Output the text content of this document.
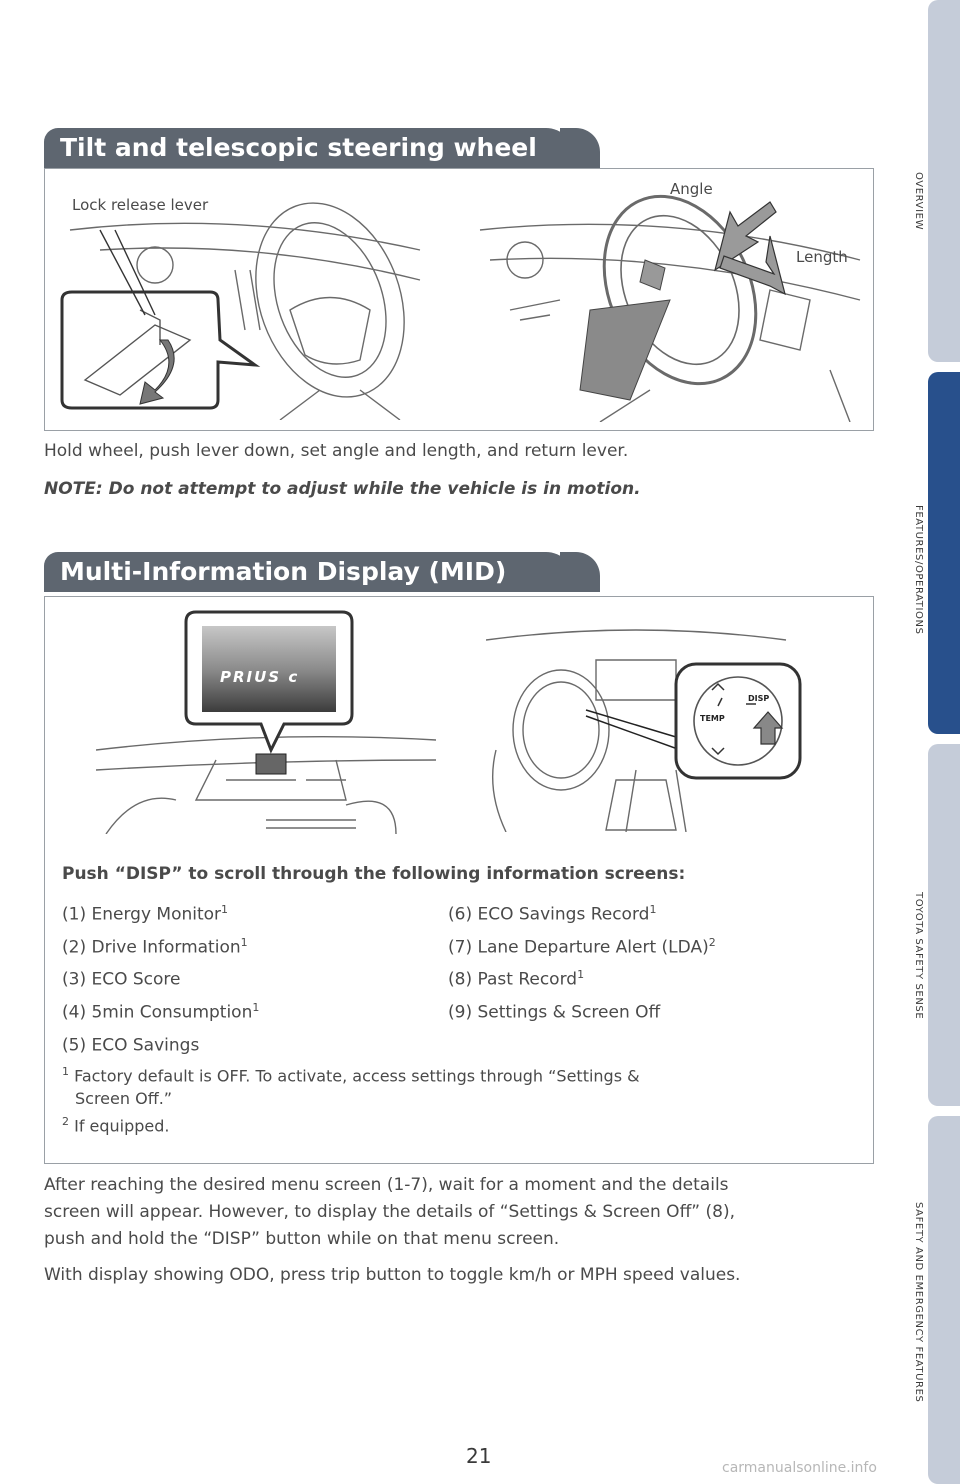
Tilt and telescopic steering wheel
Lock release lever
Angle
Length
Hold wheel, push lever down, set angle and length, and return lever.
NOTE: Do not attempt to adjust while the vehicle is in motion.
Multi-Information Display (MID)
PRIUS c
DISP
TEMP
Push “DISP” to scroll through the following information screens:
(1) Energy Monitor$^1$
(2) Drive Information$^1$
(3) ECO Score
(4) 5min Consumption$^1$
(5) ECO Savings
(6) ECO Savings Record$^1$
(7) Lane Departure Alert (LDA)$^2$
(8) Past Record$^1$
(9) Settings & Screen Off
$^1$ Factory default is OFF. To activate, access settings through “Settings &
Screen Off.”
$^2$ If equipped.
After reaching the desired menu screen (1-7), wait for a moment and the details
screen will appear. However, to display the details of “Settings & Screen Off” (8),
push and hold the “DISP” button while on that menu screen.
With display showing ODO, press trip button to toggle km/h or MPH speed values.
OVERVIEW
FEATURES/OPERATIONS
TOYOTA SAFETY SENSE
SAFETY AND EMERGENCY FEATURES
21	carmanualsonline.info
